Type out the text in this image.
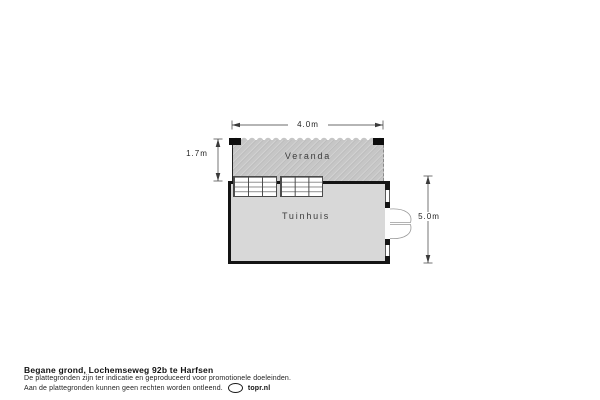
Veranda
Tuinhuis
4.0m
1.7m
5.0m
Begane grond, Lochemseweg 92b te Harfsen
De plattegronden zijn ter indicatie en geproduceerd voor promotionele doeleinden.
Aan de plattegronden kunnen geen rechten worden ontleend.	topr.nl
